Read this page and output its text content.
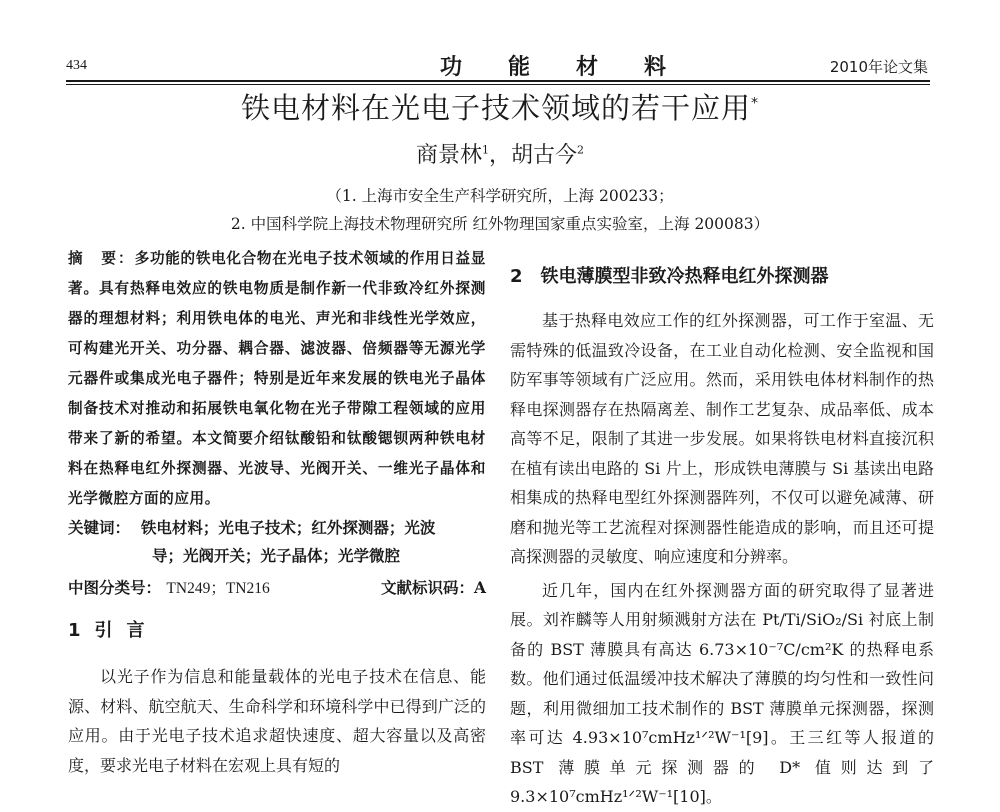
434	功能材料	2010年论文集
铁电材料在光电子技术领域的若干应用*
商景林$^1$，胡古今$^2$
（1. 上海市安全生产科学研究所，上海 200233；
2. 中国科学院上海技术物理研究所 红外物理国家重点实验室，上海 200083）

摘　要：多功能的铁电化合物在光电子技术领域的作用日益显著。具有热释电效应的铁电物质是制作新一代非致冷红外探测器的理想材料；利用铁电体的电光、声光和非线性光学效应，可构建光开关、功分器、耦合器、滤波器、倍频器等无源光学元器件或集成光电子器件；特别是近年来发展的铁电光子晶体制备技术对推动和拓展铁电氧化物在光子带隙工程领域的应用带来了新的希望。本文简要介绍钛酸铅和钛酸锶钡两种铁电材料在热释电红外探测器、光波导、光阀开关、一维光子晶体和光学微腔方面的应用。

关键词： 铁电材料；光电子技术；红外探测器；光波
导；光阀开关；光子晶体；光学微腔
中图分类号： TN249；TN216	文献标识码：A
1 引言

以光子作为信息和能量载体的光电子技术在信息、能源、材料、航空航天、生命科学和环境科学中已得到广泛的应用。由于光电子技术追求超快速度、超大容量以及高密度，要求光电子材料在宏观上具有短的

2 铁电薄膜型非致冷热释电红外探测器

基于热释电效应工作的红外探测器，可工作于室温、无需特殊的低温致冷设备，在工业自动化检测、安全监视和国防军事等领域有广泛应用。然而，采用铁电体材料制作的热释电探测器存在热隔离差、制作工艺复杂、成品率低、成本高等不足，限制了其进一步发展。如果将铁电材料直接沉积在植有读出电路的 Si 片上，形成铁电薄膜与 Si 基读出电路相集成的热释电型红外探测器阵列，不仅可以避免减薄、研磨和抛光等工艺流程对探测器性能造成的影响，而且还可提高探测器的灵敏度、响应速度和分辨率。

近几年，国内在红外探测器方面的研究取得了显著进展。刘祚麟等人用射频溅射方法在 Pt/Ti/SiO₂/Si 衬底上制备的 BST 薄膜具有高达 6.73×10⁻⁷C/cm²K 的热释电系数。他们通过低温缓冲技术解决了薄膜的均匀性和一致性问题，利用微细加工技术制作的 BST 薄膜单元探测器，探测率可达 4.93×10⁷cmHz¹ᐟ²W⁻¹[9]。王三红等人报道的 BST 薄膜单元探测器的 D* 值则达到了 9.3×10⁷cmHz¹ᐟ²W⁻¹[10]。
